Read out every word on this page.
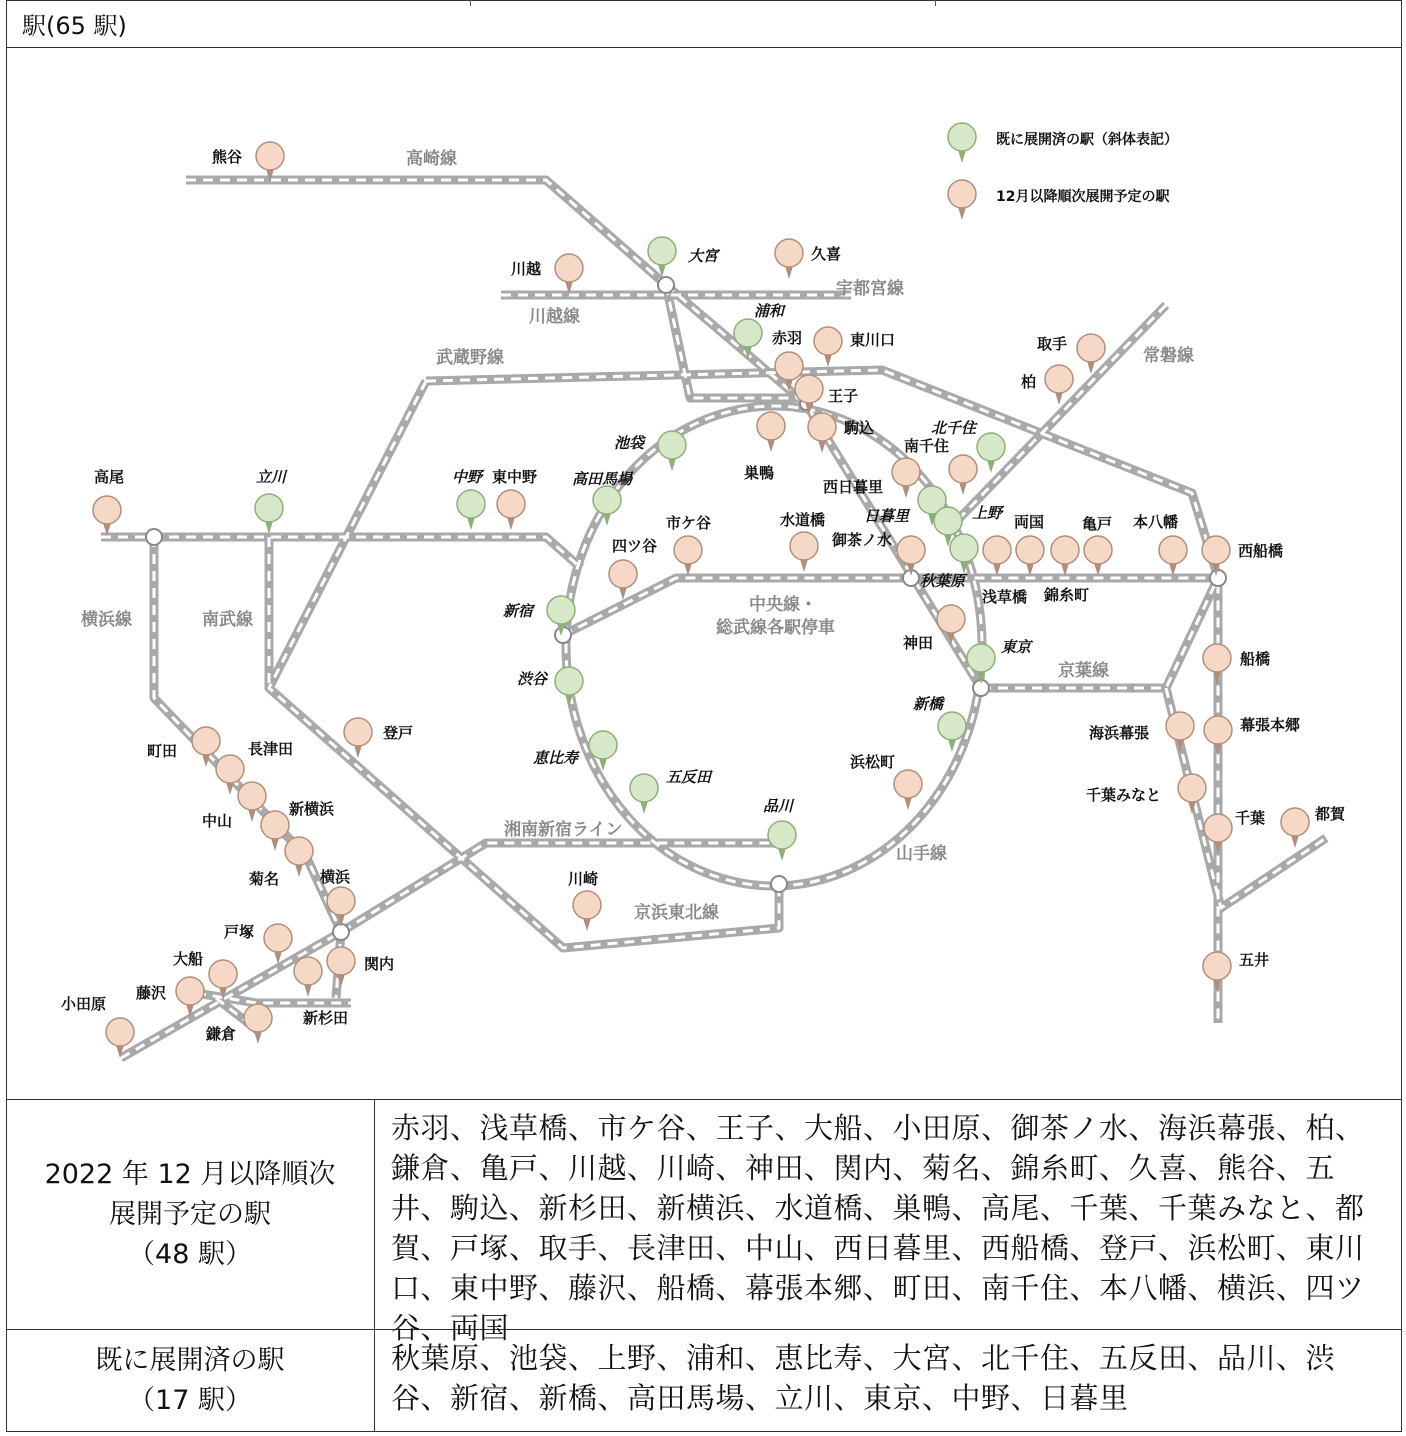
駅(65 駅)
高崎線
宇都宮線
川越線
武蔵野線	常磐線
横浜線	南武線
中央線・
総武線各駅停車
京葉線
湘南新宿ライン
京浜東北線
山手線
既に展開済の駅（斜体表記）
12月以降順次展開予定の駅
大宮
浦和
北千住
池袋
高田馬場
日暮里	上野
秋葉原
立川	中野
新宿
渋谷
東京
新橋
恵比寿
五反田
品川
熊谷
久喜
川越
赤羽	東川口
王子
駒込
巣鴨
取手
柏
南千住
西日暮里
高尾	東中野
市ケ谷
四ツ谷
水道橋
御茶ノ水
浅草橋
両国
錦糸町
亀戸 本八幡
西船橋
神田
船橋
海浜幕張	幕張本郷
千葉みなと
千葉	都賀
五井
登戸
浜松町
町田	長津田
中山
新横浜
菊名	横浜	川崎
戸塚
大船
新杉田
関内
藤沢
鎌倉
小田原
2022 年 12 月以降順次
展開予定の駅
（48 駅）
赤羽、浅草橋、市ケ谷、王子、大船、小田原、御茶ノ水、海浜幕張、柏、鎌倉、亀戸、川越、川崎、神田、関内、菊名、錦糸町、久喜、熊谷、五井、駒込、新杉田、新横浜、水道橋、巣鴨、高尾、千葉、千葉みなと、都賀、戸塚、取手、長津田、中山、西日暮里、西船橋、登戸、浜松町、東川口、東中野、藤沢、船橋、幕張本郷、町田、南千住、本八幡、横浜、四ツ谷、両国
既に展開済の駅
（17 駅）
秋葉原、池袋、上野、浦和、恵比寿、大宮、北千住、五反田、品川、渋谷、新宿、新橋、高田馬場、立川、東京、中野、日暮里
